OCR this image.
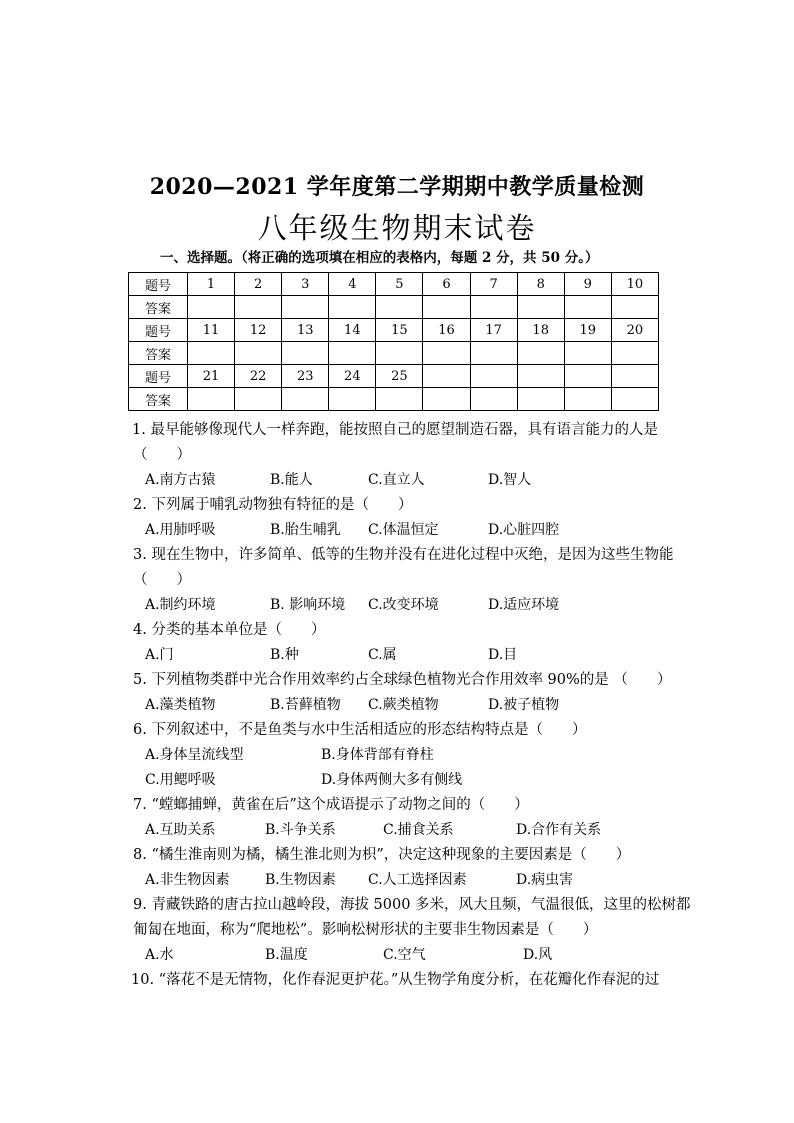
2020—2021 学年度第二学期期中教学质量检测
八年级生物期末试卷
一、选择题。（将正确的选项填在相应的表格内，每题 2 分，共 50 分。）
题号	1	2	3	4	5	6	7	8	9	10
答案										
题号	11	12	13	14	15	16	17	18	19	20
答案										
题号	21	22	23	24	25					
答案										
1. 最早能够像现代人一样奔跑，能按照自己的愿望制造石器，具有语言能力的人是
（　　）
A.南方古猿	B.能人	C.直立人	D.智人
2. 下列属于哺乳动物独有特征的是（　　）
A.用肺呼吸	B.胎生哺乳 C.体温恒定	D.心脏四腔
3. 现在生物中，许多简单、低等的生物并没有在进化过程中灭绝，是因为这些生物能
（　　）
A.制约环境	B. 影响环境 C.改变环境	D.适应环境
4. 分类的基本单位是（　　）
A.门	B.种	C.属	D.目
5. 下列植物类群中光合作用效率约占全球绿色植物光合作用效率 90%的是 （　　）
A.藻类植物	B.苔藓植物 C.蕨类植物	D.被子植物
6. 下列叙述中，不是鱼类与水中生活相适应的形态结构特点是（　　）
A.身体呈流线型	B.身体背部有脊柱
C.用鳃呼吸	D.身体两侧大多有侧线
7. “螳螂捕蝉，黄雀在后”这个成语提示了动物之间的（　　）
A.互助关系	B.斗争关系	C.捕食关系	D.合作有关系
8. “橘生淮南则为橘，橘生淮北则为枳”，决定这种现象的主要因素是（　　）
A.非生物因素	B.生物因素 C.人工选择因素	D.病虫害
9. 青藏铁路的唐古拉山越岭段，海拔 5000 多米，风大且频，气温很低，这里的松树都
匍匐在地面，称为“爬地松”。影响松树形状的主要非生物因素是（　　）
A.水	B.温度	C.空气	D.风
10. “落花不是无情物，化作春泥更护花。”从生物学角度分析，在花瓣化作春泥的过
